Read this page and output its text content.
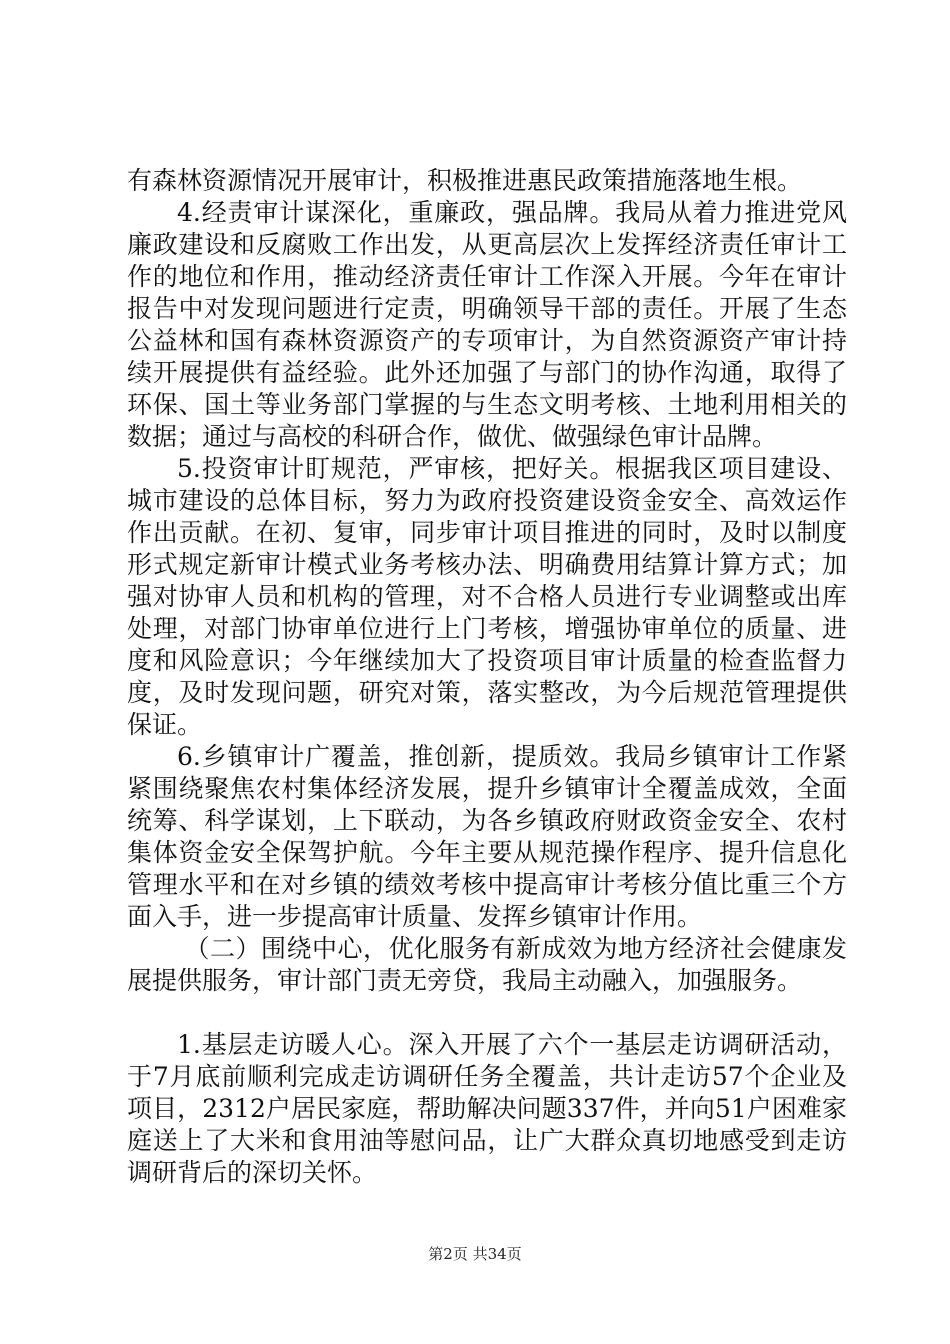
有森林资源情况开展审计，积极推进惠民政策措施落地生根。

4.经责审计谋深化，重廉政，强品牌。我局从着力推进党风廉政建设和反腐败工作出发，从更高层次上发挥经济责任审计工作的地位和作用，推动经济责任审计工作深入开展。今年在审计报告中对发现问题进行定责，明确领导干部的责任。开展了生态公益林和国有森林资源资产的专项审计，为自然资源资产审计持续开展提供有益经验。此外还加强了与部门的协作沟通，取得了环保、国土等业务部门掌握的与生态文明考核、土地利用相关的数据；通过与高校的科研合作，做优、做强绿色审计品牌。

5.投资审计盯规范，严审核，把好关。根据我区项目建设、城市建设的总体目标，努力为政府投资建设资金安全、高效运作作出贡献。在初、复审，同步审计项目推进的同时，及时以制度形式规定新审计模式业务考核办法、明确费用结算计算方式；加强对协审人员和机构的管理，对不合格人员进行专业调整或出库处理，对部门协审单位进行上门考核，增强协审单位的质量、进度和风险意识；今年继续加大了投资项目审计质量的检查监督力度，及时发现问题，研究对策，落实整改，为今后规范管理提供保证。

6.乡镇审计广覆盖，推创新，提质效。我局乡镇审计工作紧紧围绕聚焦农村集体经济发展，提升乡镇审计全覆盖成效，全面统筹、科学谋划，上下联动，为各乡镇政府财政资金安全、农村集体资金安全保驾护航。今年主要从规范操作程序、提升信息化管理水平和在对乡镇的绩效考核中提高审计考核分值比重三个方面入手，进一步提高审计质量、发挥乡镇审计作用。

（二）围绕中心，优化服务有新成效为地方经济社会健康发展提供服务，审计部门责无旁贷，我局主动融入，加强服务。

1.基层走访暖人心。深入开展了六个一基层走访调研活动，于7月底前顺利完成走访调研任务全覆盖，共计走访57个企业及项目，2312户居民家庭，帮助解决问题337件，并向51户困难家庭送上了大米和食用油等慰问品，让广大群众真切地感受到走访调研背后的深切关怀。

第2页 共34页
